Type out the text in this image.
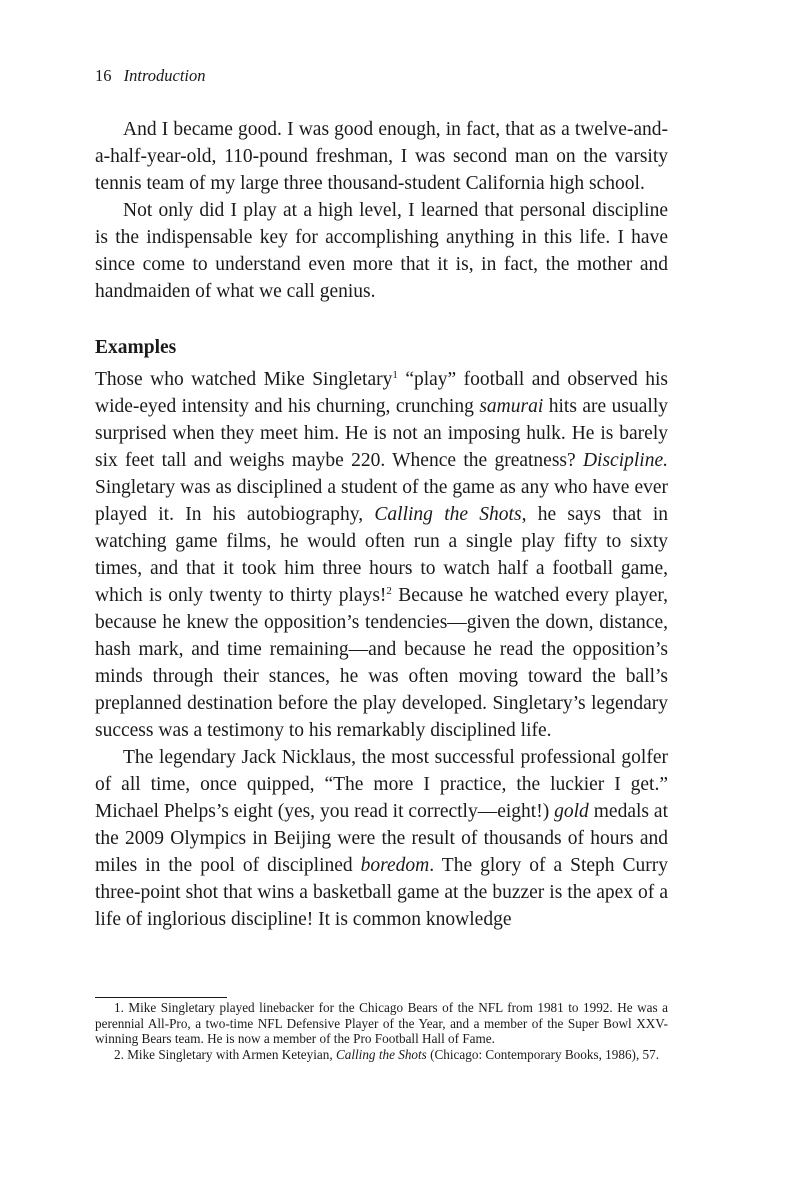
16 Introduction

And I became good. I was good enough, in fact, that as a twelve-and-a-half-year-old, 110-pound freshman, I was second man on the varsity tennis team of my large three thousand-student California high school.

Not only did I play at a high level, I learned that personal discipline is the indispensable key for accomplishing anything in this life. I have since come to understand even more that it is, in fact, the mother and handmaiden of what we call genius.

Examples

Those who watched Mike Singletary$^1$ “play” football and observed his wide-eyed intensity and his churning, crunching samurai hits are usually surprised when they meet him. He is not an imposing hulk. He is barely six feet tall and weighs maybe 220. Whence the greatness? Discipline. Singletary was as disciplined a student of the game as any who have ever played it. In his autobiography, Calling the Shots, he says that in watching game films, he would often run a single play fifty to sixty times, and that it took him three hours to watch half a football game, which is only twenty to thirty plays!$^2$ Because he watched every player, because he knew the opposition’s tendencies—given the down, distance, hash mark, and time remaining—and because he read the opposition’s minds through their stances, he was often moving toward the ball’s preplanned destination before the play developed. Singletary’s legendary success was a testimony to his remarkably disciplined life.

The legendary Jack Nicklaus, the most successful professional golfer of all time, once quipped, “The more I practice, the luckier I get.” Michael Phelps’s eight (yes, you read it correctly—eight!) gold medals at the 2009 Olympics in Beijing were the result of thousands of hours and miles in the pool of disciplined boredom. The glory of a Steph Curry three-point shot that wins a basketball game at the buzzer is the apex of a life of inglorious discipline! It is common knowledge

1. Mike Singletary played linebacker for the Chicago Bears of the NFL from 1981 to 1992. He was a perennial All-Pro, a two-time NFL Defensive Player of the Year, and a member of the Super Bowl XXV-winning Bears team. He is now a member of the Pro Football Hall of Fame.

2. Mike Singletary with Armen Keteyian, Calling the Shots (Chicago: Contemporary Books, 1986), 57.
